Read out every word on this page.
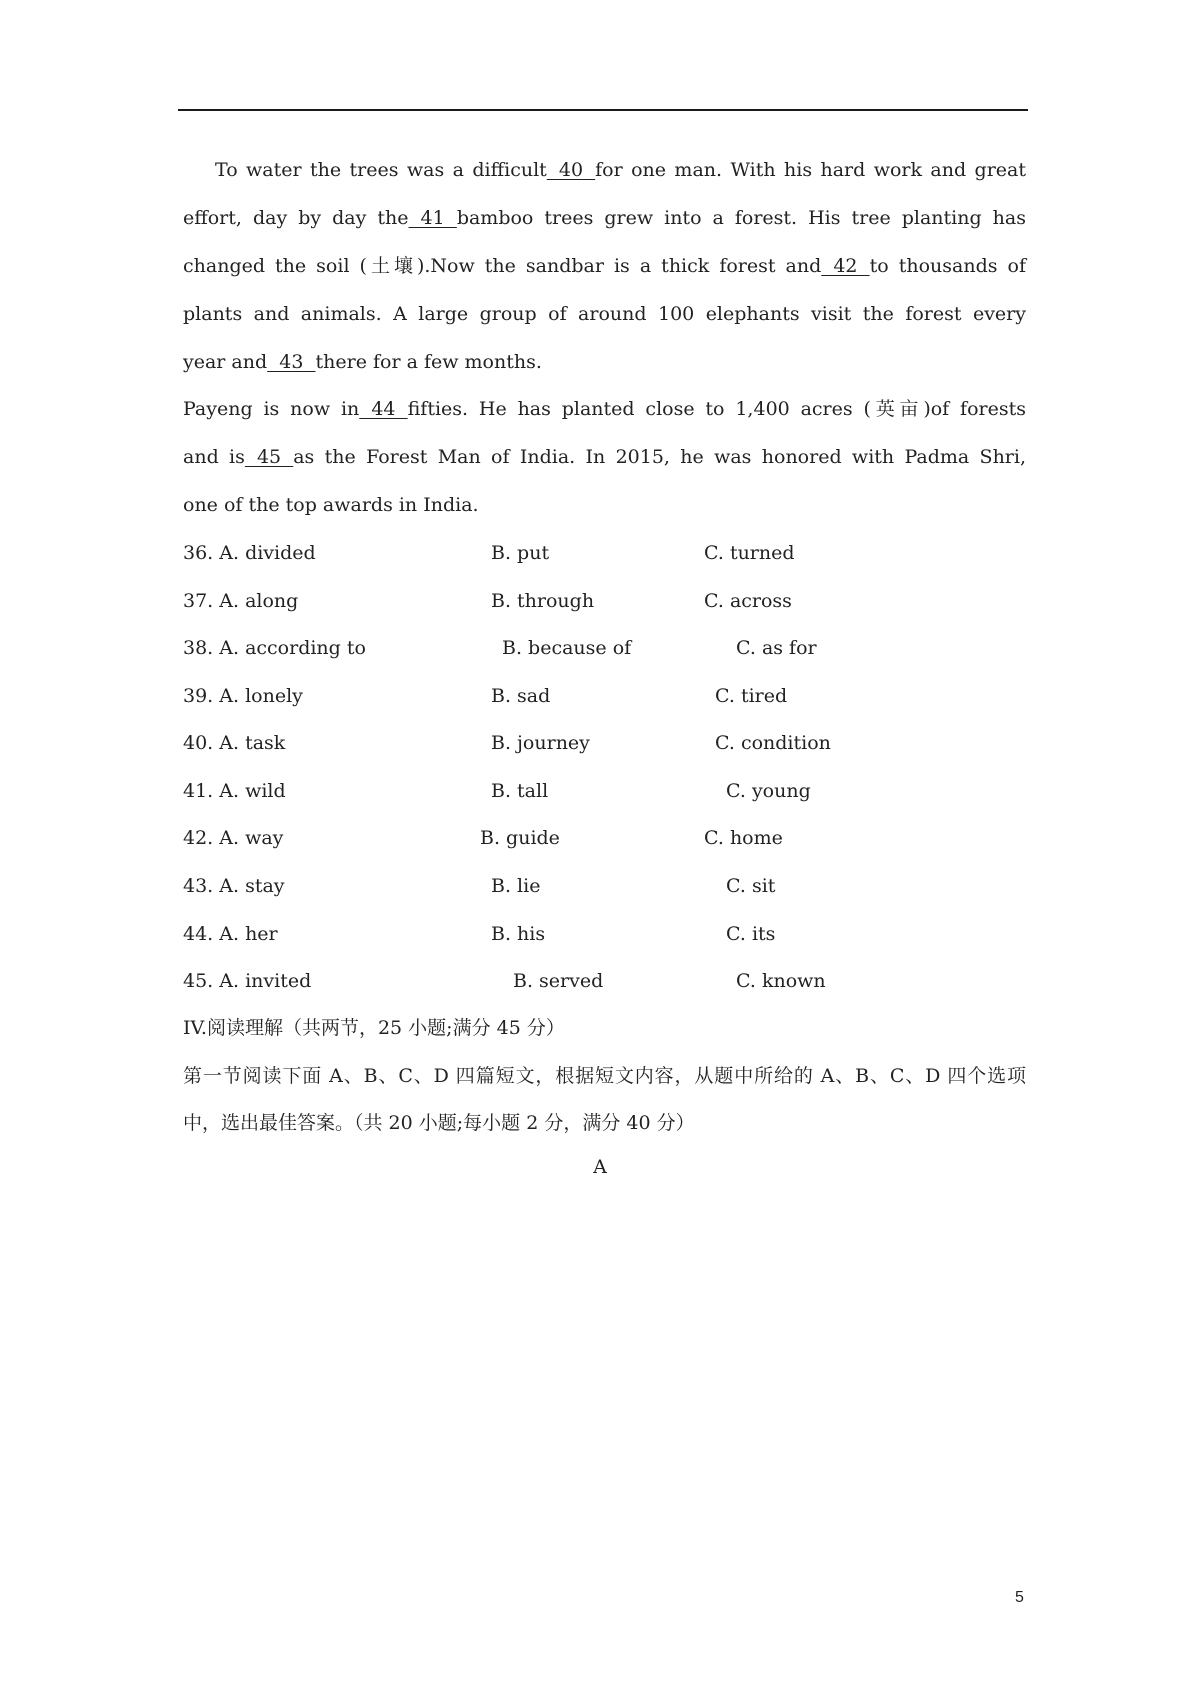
To water the trees was a difficult  40  for one man. With his hard work and great
effort, day by day the  41  bamboo trees grew into a forest. His tree planting has
changed the soil (土壤).Now the sandbar is a thick forest and  42  to thousands of
plants and animals. A large group of around 100 elephants visit the forest every
year and  43  there for a few months.
Payeng is now in  44  fifties. He has planted close to 1,400 acres (英亩)of forests
and is  45  as the Forest Man of India. In 2015, he was honored with Padma Shri,
one of the top awards in India.
36. A. divided	B. put	C. turned
37. A. along	B. through	C. across
38. A. according to	B. because of	C. as for
39. A. lonely	B. sad	C. tired
40. A. task	B. journey	C. condition
41. A. wild	B. tall	C. young
42. A. way	B. guide	C. home
43. A. stay	B. lie	C. sit
44. A. her	B. his	C. its
45. A. invited	B. served	C. known
IV.阅读理解（共两节，25 小题;满分 45 分）
第一节阅读下面 A、B、C、D 四篇短文，根据短文内容，从题中所给的 A、B、C、D 四个选项
中，选出最佳答案。（共 20 小题;每小题 2 分，满分 40 分）
A
5
